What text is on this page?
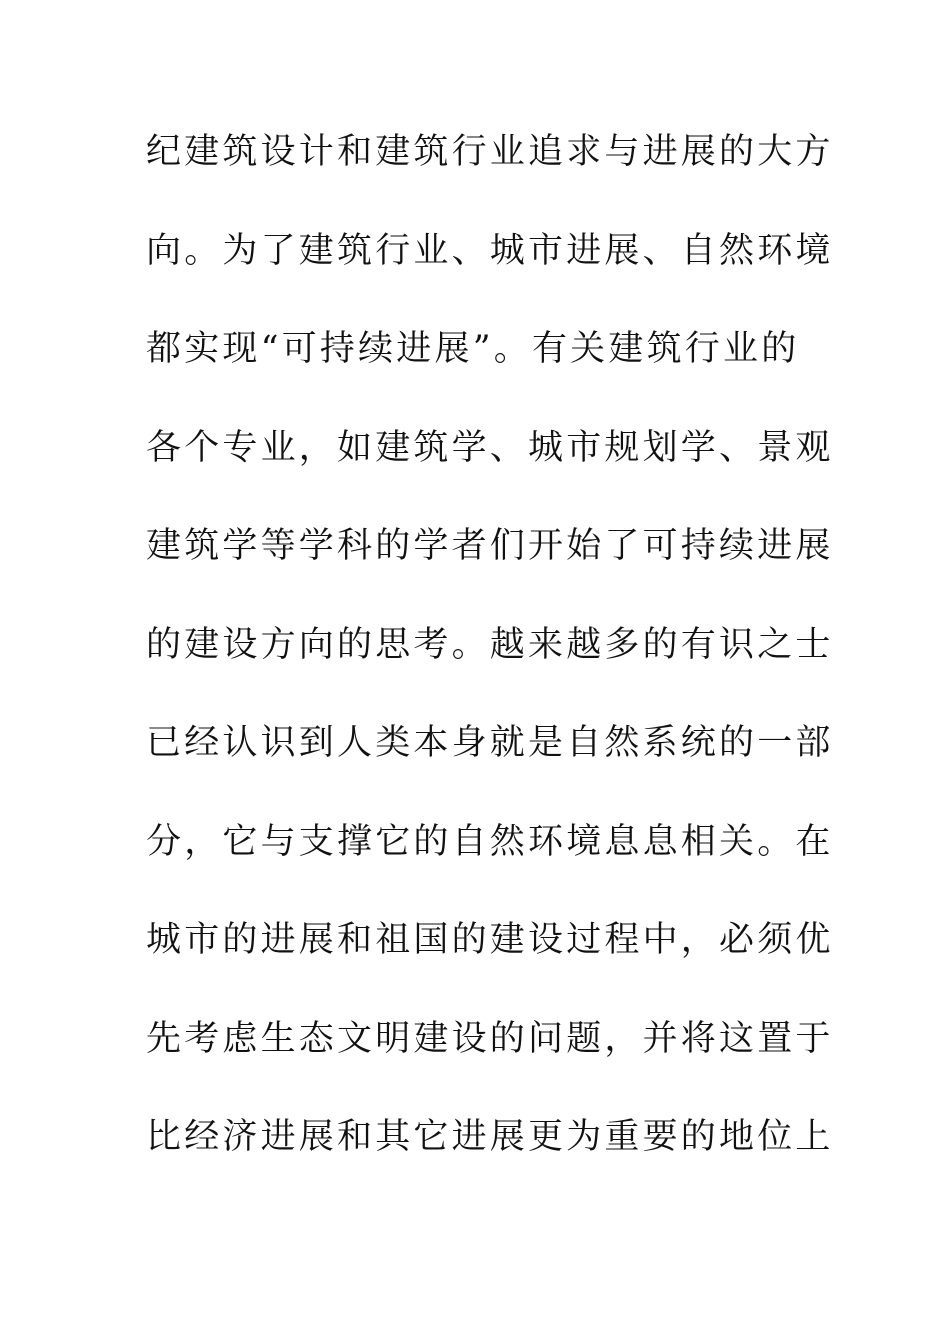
纪建筑设计和建筑行业追求与进展的大方
向。为了建筑行业、城市进展、自然环境
都实现“可持续进展”。有关建筑行业的
各个专业，如建筑学、城市规划学、景观
建筑学等学科的学者们开始了可持续进展
的建设方向的思考。越来越多的有识之士
已经认识到人类本身就是自然系统的一部
分，它与支撑它的自然环境息息相关。在
城市的进展和祖国的建设过程中，必须优
先考虑生态文明建设的问题，并将这置于
比经济进展和其它进展更为重要的地位上
